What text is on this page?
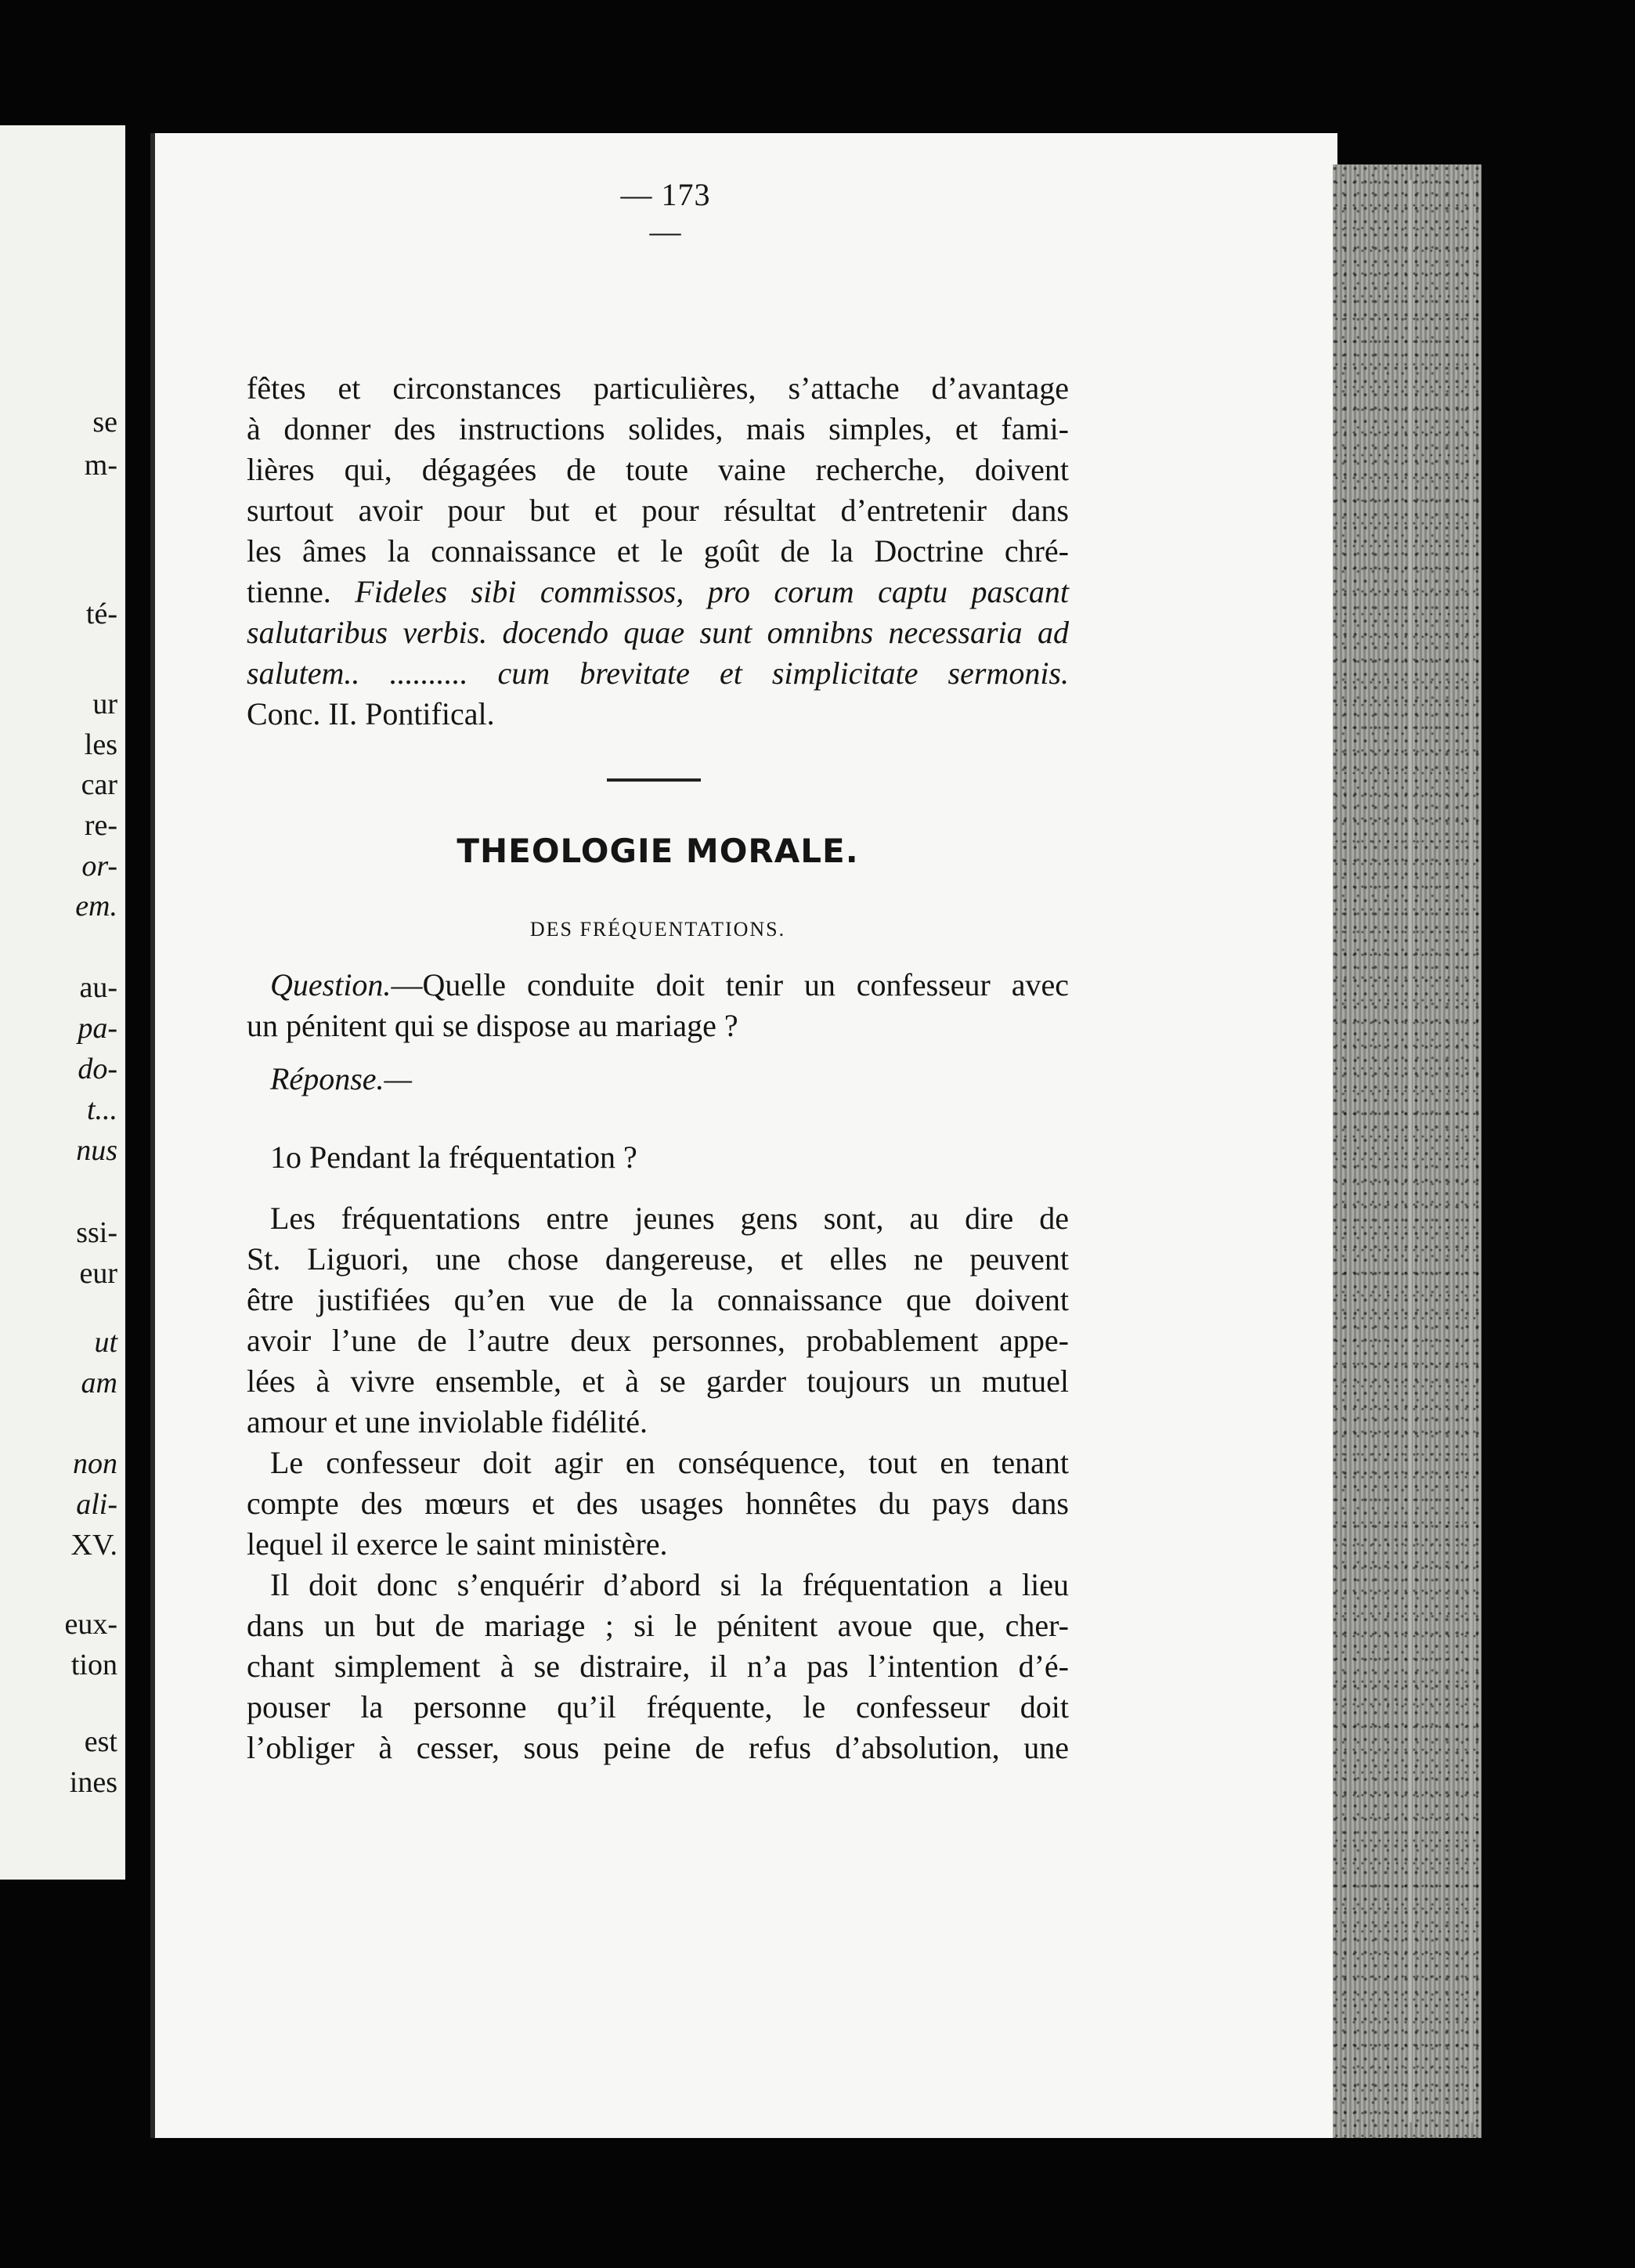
se
m-
té-
ur
les
car
re-
or-
em.
au-
pa-
do-
t...
nus
ssi-
eur
ut
am
non
ali-
XV.
eux-
tion
est
ines
— 173 —
fêtes et circonstances particulières, s’attache d’avantage
à donner des instructions solides, mais simples, et fami-
lières qui, dégagées de toute vaine recherche, doivent
surtout avoir pour but et pour résultat d’entretenir dans
les âmes la connaissance et le goût de la Doctrine chré-
tienne. Fideles sibi commissos, pro corum captu pascant
salutaribus verbis. docendo quae sunt omnibns necessaria ad
salutem.. .......... cum brevitate et simplicitate sermonis.
Conc. II. Pontifical.
THEOLOGIE MORALE.
DES FRÉQUENTATIONS.
Question.—Quelle conduite doit tenir un confesseur avec
un pénitent qui se dispose au mariage ?
Réponse.—
1o Pendant la fréquentation ?
Les fréquentations entre jeunes gens sont, au dire de
St. Liguori, une chose dangereuse, et elles ne peuvent
être justifiées qu’en vue de la connaissance que doivent
avoir l’une de l’autre deux personnes, probablement appe-
lées à vivre ensemble, et à se garder toujours un mutuel
amour et une inviolable fidélité.
Le confesseur doit agir en conséquence, tout en tenant
compte des mœurs et des usages honnêtes du pays dans
lequel il exerce le saint ministère.
Il doit donc s’enquérir d’abord si la fréquentation a lieu
dans un but de mariage ; si le pénitent avoue que, cher-
chant simplement à se distraire, il n’a pas l’intention d’é-
pouser la personne qu’il fréquente, le confesseur doit
l’obliger à cesser, sous peine de refus d’absolution, une
